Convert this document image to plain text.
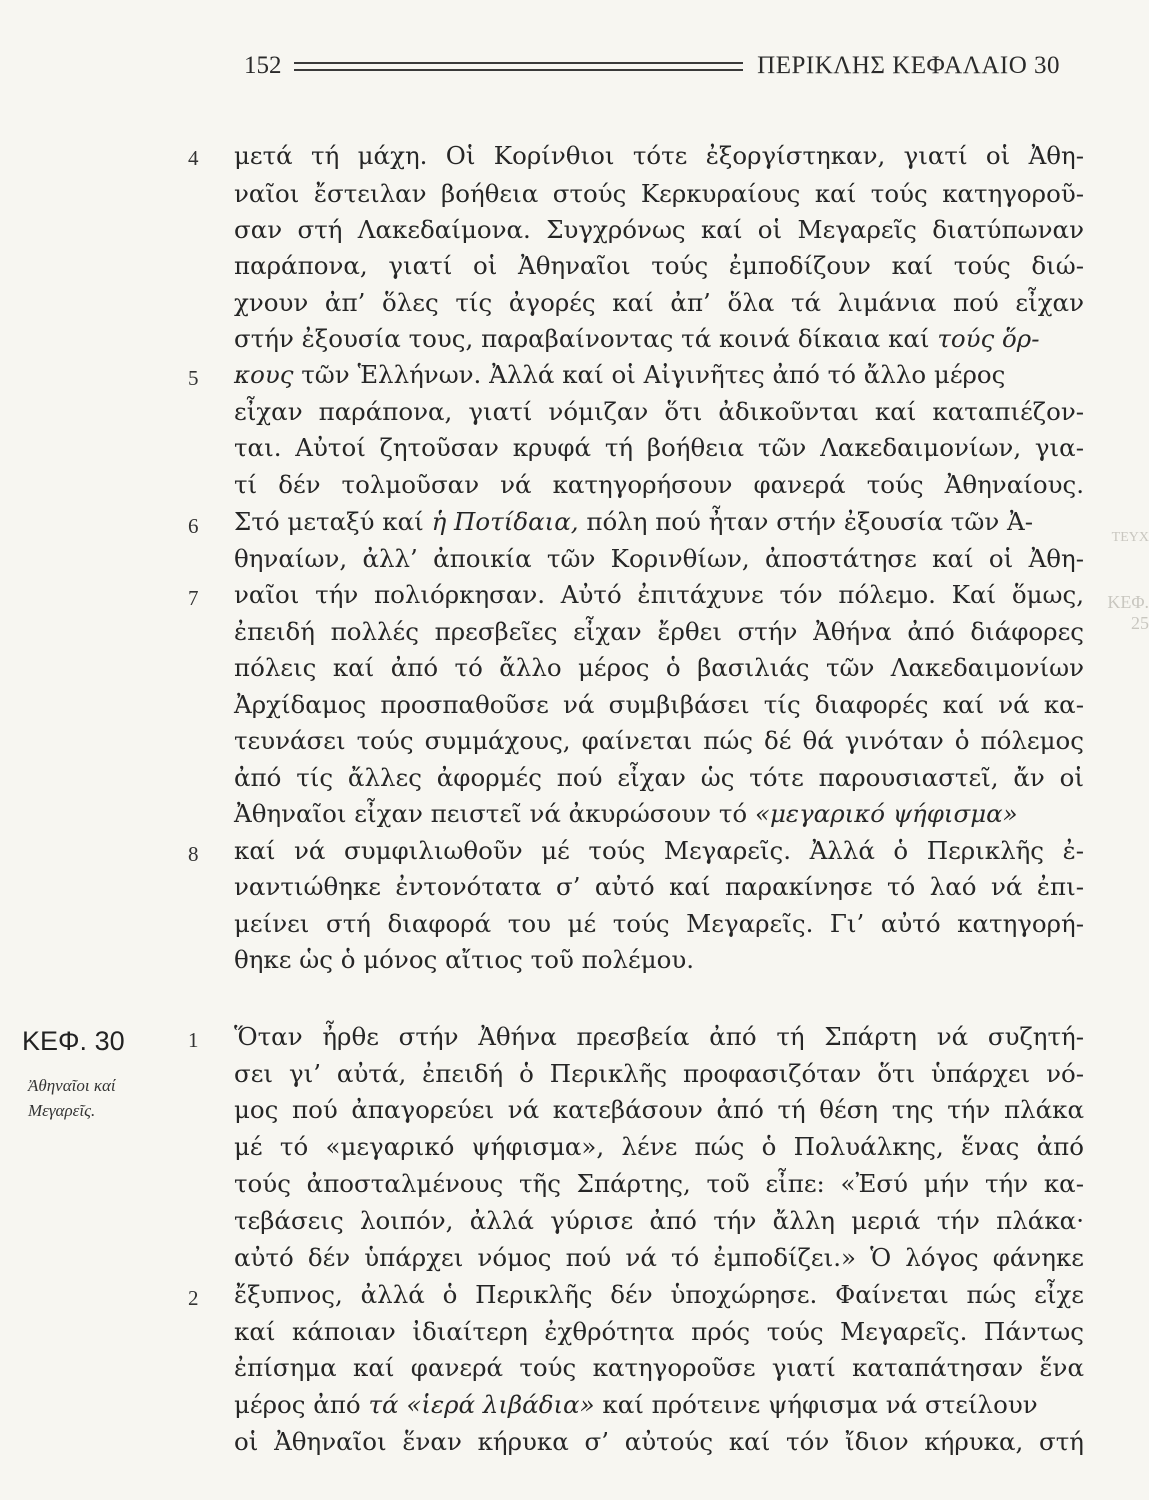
152	ΠΕΡΙΚΛΗΣ ΚΕΦΑΛΑΙΟ 30
ΤΕΥΧ
ΚΕΦ. 25
ΚΕΦ. 30
Ἀθηναῖοι καί
Μεγαρεῖς.
4
5
6
7
8
1
2
μετά τή μάχη. Οἱ Κορίνθιοι τότε ἐξοργίστηκαν, γιατί οἱ Ἀθη-
ναῖοι ἔστειλαν βοήθεια στούς Κερκυραίους καί τούς κατηγοροῦ-
σαν στή Λακεδαίμονα. Συγχρόνως καί οἱ Μεγαρεῖς διατύπωναν
παράπονα, γιατί οἱ Ἀθηναῖοι τούς ἐμποδίζουν καί τούς διώ-
χνουν ἀπ’ ὅλες τίς ἀγορές καί ἀπ’ ὅλα τά λιμάνια πού εἶχαν
στήν ἐξουσία τους, παραβαίνοντας τά κοινά δίκαια καί τούς ὅρ-
κους τῶν Ἑλλήνων. Ἀλλά καί οἱ Αἰγινῆτες ἀπό τό ἄλλο μέρος
εἶχαν παράπονα, γιατί νόμιζαν ὅτι ἀδικοῦνται καί καταπιέζον-
ται. Αὐτοί ζητοῦσαν κρυφά τή βοήθεια τῶν Λακεδαιμονίων, για-
τί δέν τολμοῦσαν νά κατηγορήσουν φανερά τούς Ἀθηναίους.
Στό μεταξύ καί ἡ Ποτίδαια, πόλη πού ἦταν στήν ἐξουσία τῶν Ἀ-
θηναίων, ἀλλ’ ἀποικία τῶν Κορινθίων, ἀποστάτησε καί οἱ Ἀθη-
ναῖοι τήν πολιόρκησαν. Αὐτό ἐπιτάχυνε τόν πόλεμο. Καί ὅμως,
ἐπειδή πολλές πρεσβεῖες εἶχαν ἔρθει στήν Ἀθήνα ἀπό διάφορες
πόλεις καί ἀπό τό ἄλλο μέρος ὁ βασιλιάς τῶν Λακεδαιμονίων
Ἀρχίδαμος προσπαθοῦσε νά συμβιβάσει τίς διαφορές καί νά κα-
τευνάσει τούς συμμάχους, φαίνεται πώς δέ θά γινόταν ὁ πόλεμος
ἀπό τίς ἄλλες ἀφορμές πού εἶχαν ὡς τότε παρουσιαστεῖ, ἄν οἱ
Ἀθηναῖοι εἶχαν πειστεῖ νά ἀκυρώσουν τό «μεγαρικό ψήφισμα»
καί νά συμφιλιωθοῦν μέ τούς Μεγαρεῖς. Ἀλλά ὁ Περικλῆς ἐ-
ναντιώθηκε ἐντονότατα σ’ αὐτό καί παρακίνησε τό λαό νά ἐπι-
μείνει στή διαφορά του μέ τούς Μεγαρεῖς. Γι’ αὐτό κατηγορή-
θηκε ὡς ὁ μόνος αἴτιος τοῦ πολέμου.
Ὅταν ἦρθε στήν Ἀθήνα πρεσβεία ἀπό τή Σπάρτη νά συζητή-
σει γι’ αὐτά, ἐπειδή ὁ Περικλῆς προφασιζόταν ὅτι ὑπάρχει νό-
μος πού ἀπαγορεύει νά κατεβάσουν ἀπό τή θέση της τήν πλάκα
μέ τό «μεγαρικό ψήφισμα», λένε πώς ὁ Πολυάλκης, ἕνας ἀπό
τούς ἀποσταλμένους τῆς Σπάρτης, τοῦ εἶπε: «Ἐσύ μήν τήν κα-
τεβάσεις λοιπόν, ἀλλά γύρισε ἀπό τήν ἄλλη μεριά τήν πλάκα·
αὐτό δέν ὑπάρχει νόμος πού νά τό ἐμποδίζει.» Ὁ λόγος φάνηκε
ἔξυπνος, ἀλλά ὁ Περικλῆς δέν ὑποχώρησε. Φαίνεται πώς εἶχε
καί κάποιαν ἰδιαίτερη ἐχθρότητα πρός τούς Μεγαρεῖς. Πάντως
ἐπίσημα καί φανερά τούς κατηγοροῦσε γιατί καταπάτησαν ἕνα
μέρος ἀπό τά «ἱερά λιβάδια» καί πρότεινε ψήφισμα νά στείλουν
οἱ Ἀθηναῖοι ἕναν κήρυκα σ’ αὐτούς καί τόν ἴδιον κήρυκα, στή
